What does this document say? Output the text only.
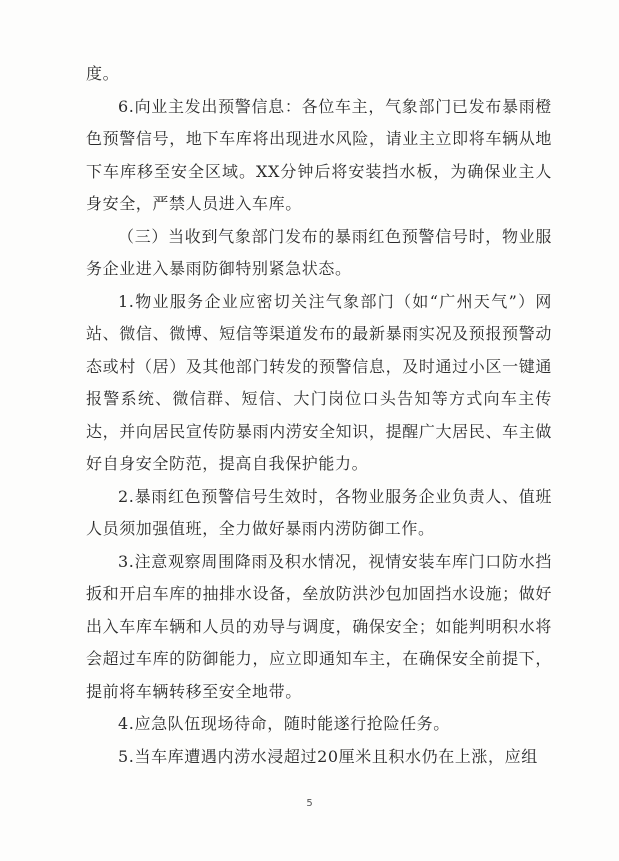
度。

6.向业主发出预警信息：各位车主，气象部门已发布暴雨橙色预警信号，地下车库将出现进水风险，请业主立即将车辆从地下车库移至安全区域。XX分钟后将安装挡水板，为确保业主人身安全，严禁人员进入车库。

（三）当收到气象部门发布的暴雨红色预警信号时，物业服务企业进入暴雨防御特别紧急状态。

1.物业服务企业应密切关注气象部门（如“广州天气”）网站、微信、微博、短信等渠道发布的最新暴雨实况及预报预警动态或村（居）及其他部门转发的预警信息，及时通过小区一键通报警系统、微信群、短信、大门岗位口头告知等方式向车主传达，并向居民宣传防暴雨内涝安全知识，提醒广大居民、车主做好自身安全防范，提高自我保护能力。

2.暴雨红色预警信号生效时，各物业服务企业负责人、值班人员须加强值班，全力做好暴雨内涝防御工作。

3.注意观察周围降雨及积水情况，视情安装车库门口防水挡扳和开启车库的抽排水设备，垒放防洪沙包加固挡水设施；做好出入车库车辆和人员的劝导与调度，确保安全；如能判明积水将会超过车库的防御能力，应立即通知车主，在确保安全前提下，提前将车辆转移至安全地带。

4.应急队伍现场待命，随时能遂行抢险任务。

5.当车库遭遇内涝水浸超过20厘米且积水仍在上涨，应组

5
